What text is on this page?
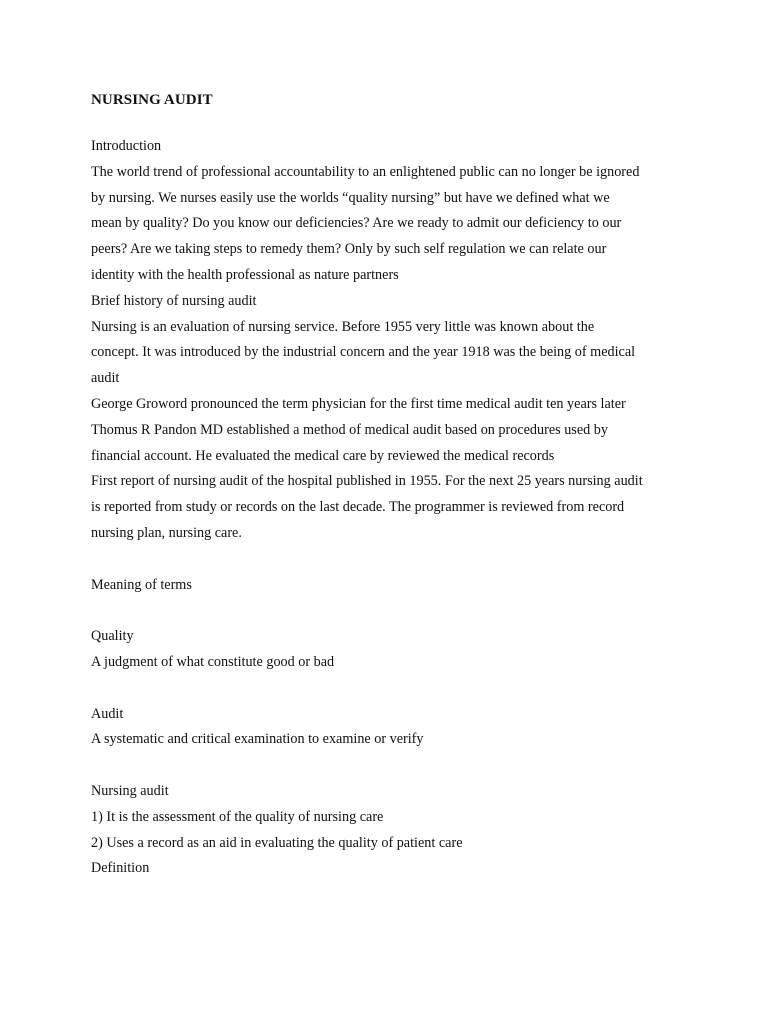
NURSING AUDIT

Introduction

The world trend of professional accountability to an enlightened public can no longer be ignored

by nursing. We nurses easily use the worlds “quality nursing” but have we defined what we

mean by quality? Do you know our deficiencies? Are we ready to admit our deficiency to our

peers? Are we taking steps to remedy them? Only by such self regulation we can relate our

identity with the health professional as nature partners

Brief history of nursing audit

Nursing is an evaluation of nursing service. Before 1955 very little was known about the

concept. It was introduced by the industrial concern and the year 1918 was the being of medical

audit

George Groword pronounced the term physician for the first time medical audit ten years later

Thomus R Pandon MD established a method of medical audit based on procedures used by

financial account. He evaluated the medical care by reviewed the medical records

First report of nursing audit of the hospital published in 1955. For the next 25 years nursing audit

is reported from study or records on the last decade. The programmer is reviewed from record

nursing plan, nursing care.

Meaning of terms

Quality

A judgment of what constitute good or bad

Audit

A systematic and critical examination to examine or verify

Nursing audit

1) It is the assessment of the quality of nursing care

2) Uses a record as an aid in evaluating the quality of patient care

Definition
